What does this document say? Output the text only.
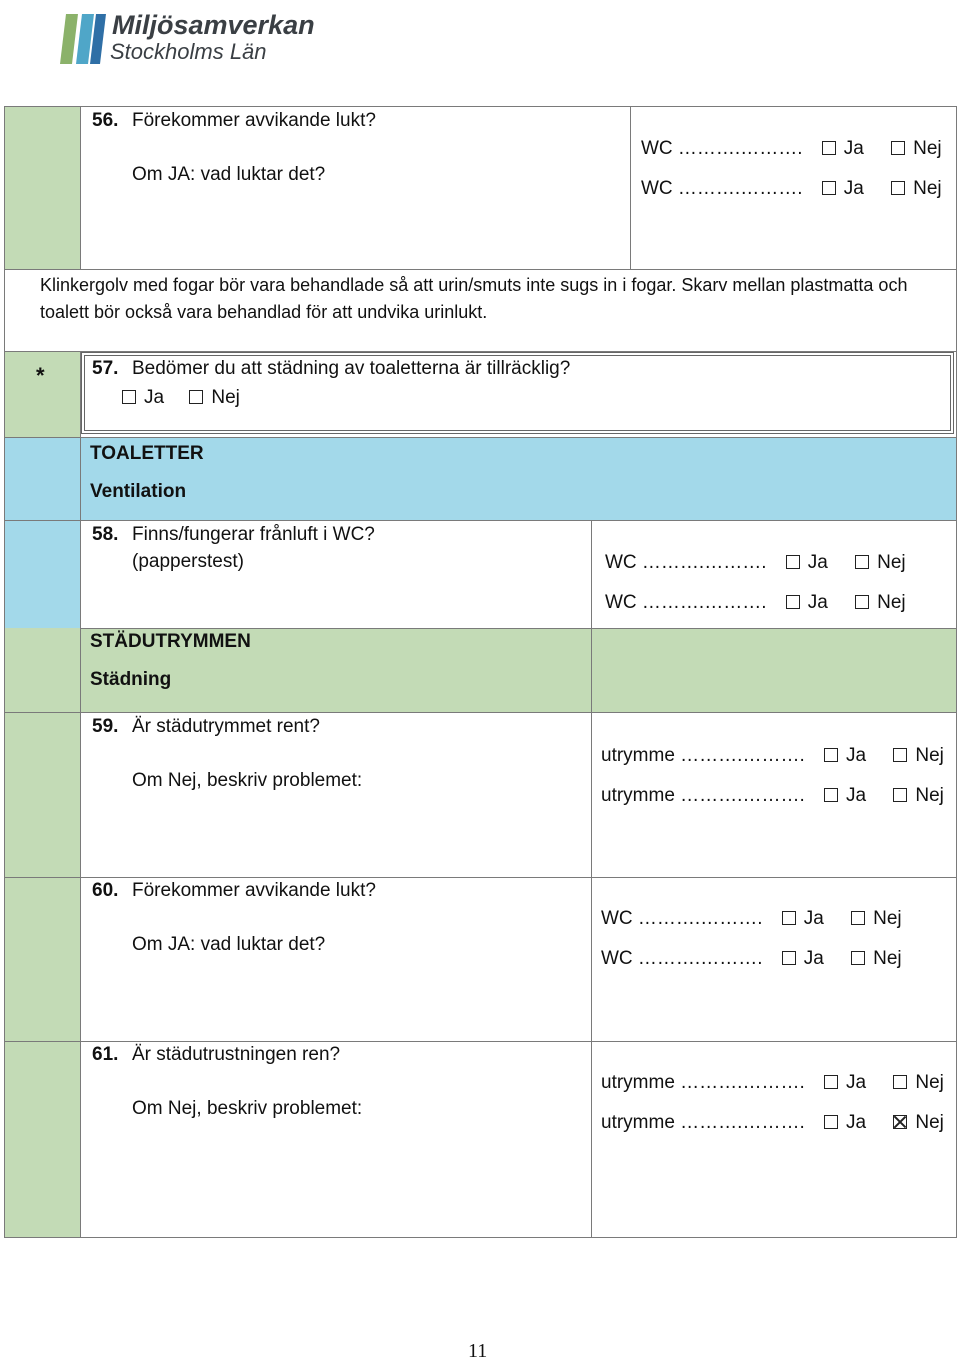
Miljösamverkan
Stockholms Län
56. Förekommer avvikande lukt?
Om JA: vad luktar det?
WC ……….………. Ja	Nej
WC ……….………. Ja	Nej
Klinkergolv med fogar bör vara behandlade så att urin/smuts inte sugs in i fogar. Skarv mellan plastmatta och toalett bör också vara behandlad för att undvika urinlukt.
* 57. Bedömer du att städning av toaletterna är tillräcklig?
Ja Nej
TOALETTER
Ventilation
58. Finns/fungerar frånluft i WC?
(papperstest)	WC ……….………. Ja	Nej
WC ……….………. Ja	Nej
STÄDUTRYMMEN
Städning
59. Är städutrymmet rent?
Om Nej, beskriv problemet:
utrymme ……….………. Ja	Nej
utrymme ……….………. Ja	Nej
60. Förekommer avvikande lukt?
Om JA: vad luktar det?
WC ……….………. Ja	Nej
WC ……….………. Ja	Nej
61. Är städutrustningen ren?
Om Nej, beskriv problemet:
utrymme ……….………. Ja	Nej
utrymme ……….………. Ja	Nej
11
